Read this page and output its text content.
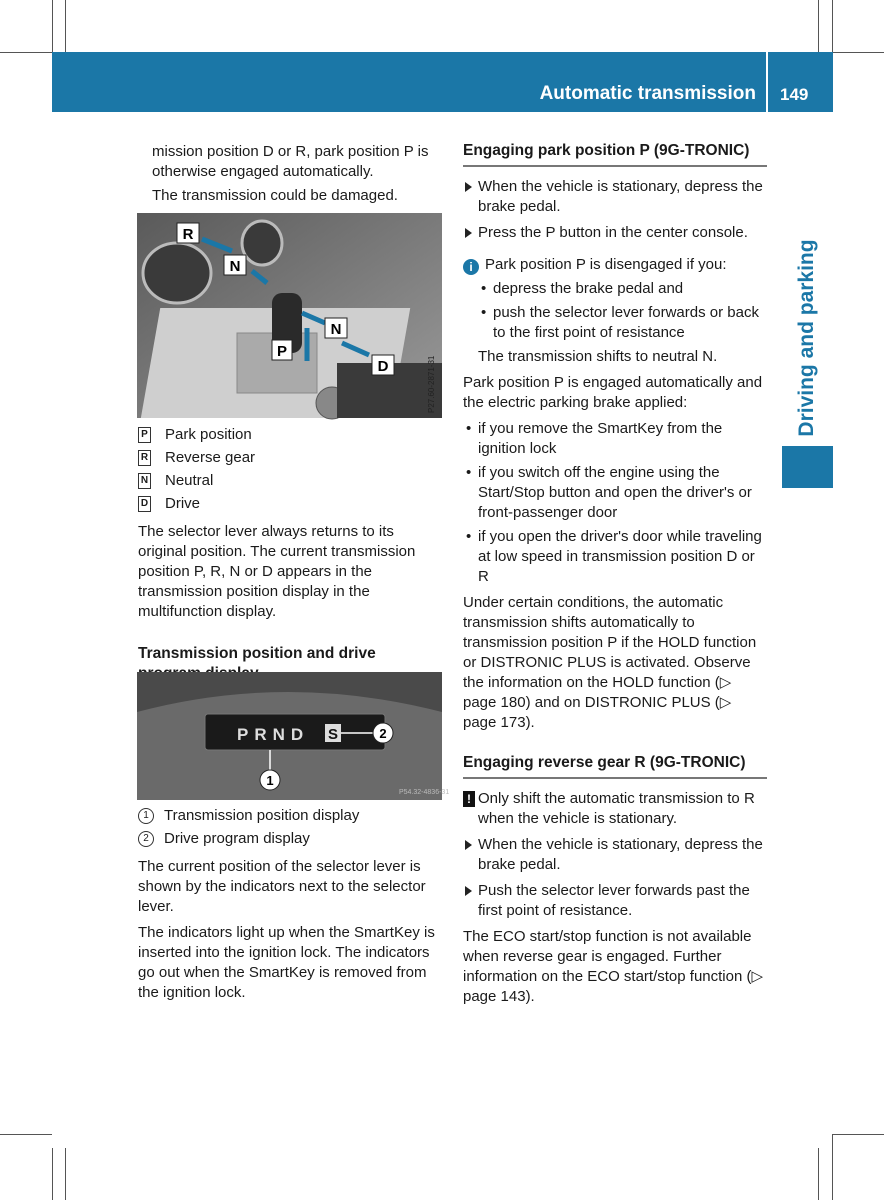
Automatic transmission 149
Driving and parking

mission position D or R, park position P is otherwise engaged automatically.

The transmission could be damaged.

R
N
N
P
D	P27.60-2871-31
P Park position
R Reverse gear
N Neutral
D Drive

The selector lever always returns to its original position. The current transmission position P, R, N or D appears in the transmission position display in the multifunction display.

Transmission position and drive
PRND S	2
1
P54.32-4836-31
1	Transmission position display
2	Drive program display

The current position of the selector lever is shown by the indicators next to the selector lever.

The indicators light up when the SmartKey is inserted into the ignition lock. The indicators go out when the SmartKey is removed from the ignition lock.

Engaging park position P (9G-TRONIC)
When the vehicle is stationary, depress the brake pedal.
Press the P button in the center console.
i Park position P is disengaged if you:
• depress the brake pedal and
• push the selector lever forwards or back to the first point of resistance

The transmission shifts to neutral N.

Park position P is engaged automatically and the electric parking brake applied:

• if you remove the SmartKey from the ignition lock
• if you switch off the engine using the Start/Stop button and open the driver's or front-passenger door
• if you open the driver's door while traveling at low speed in transmission position D or R

Under certain conditions, the automatic transmission shifts automatically to transmission position P if the HOLD function or DISTRONIC PLUS is activated. Observe the information on the HOLD function (▷ page 180) and on DISTRONIC PLUS (▷ page 173).

Engaging reverse gear R (9G-TRONIC)
! Only shift the automatic transmission to R when the vehicle is stationary.
When the vehicle is stationary, depress the brake pedal.
Push the selector lever forwards past the first point of resistance.

The ECO start/stop function is not available when reverse gear is engaged. Further information on the ECO start/stop function (▷ page 143).
